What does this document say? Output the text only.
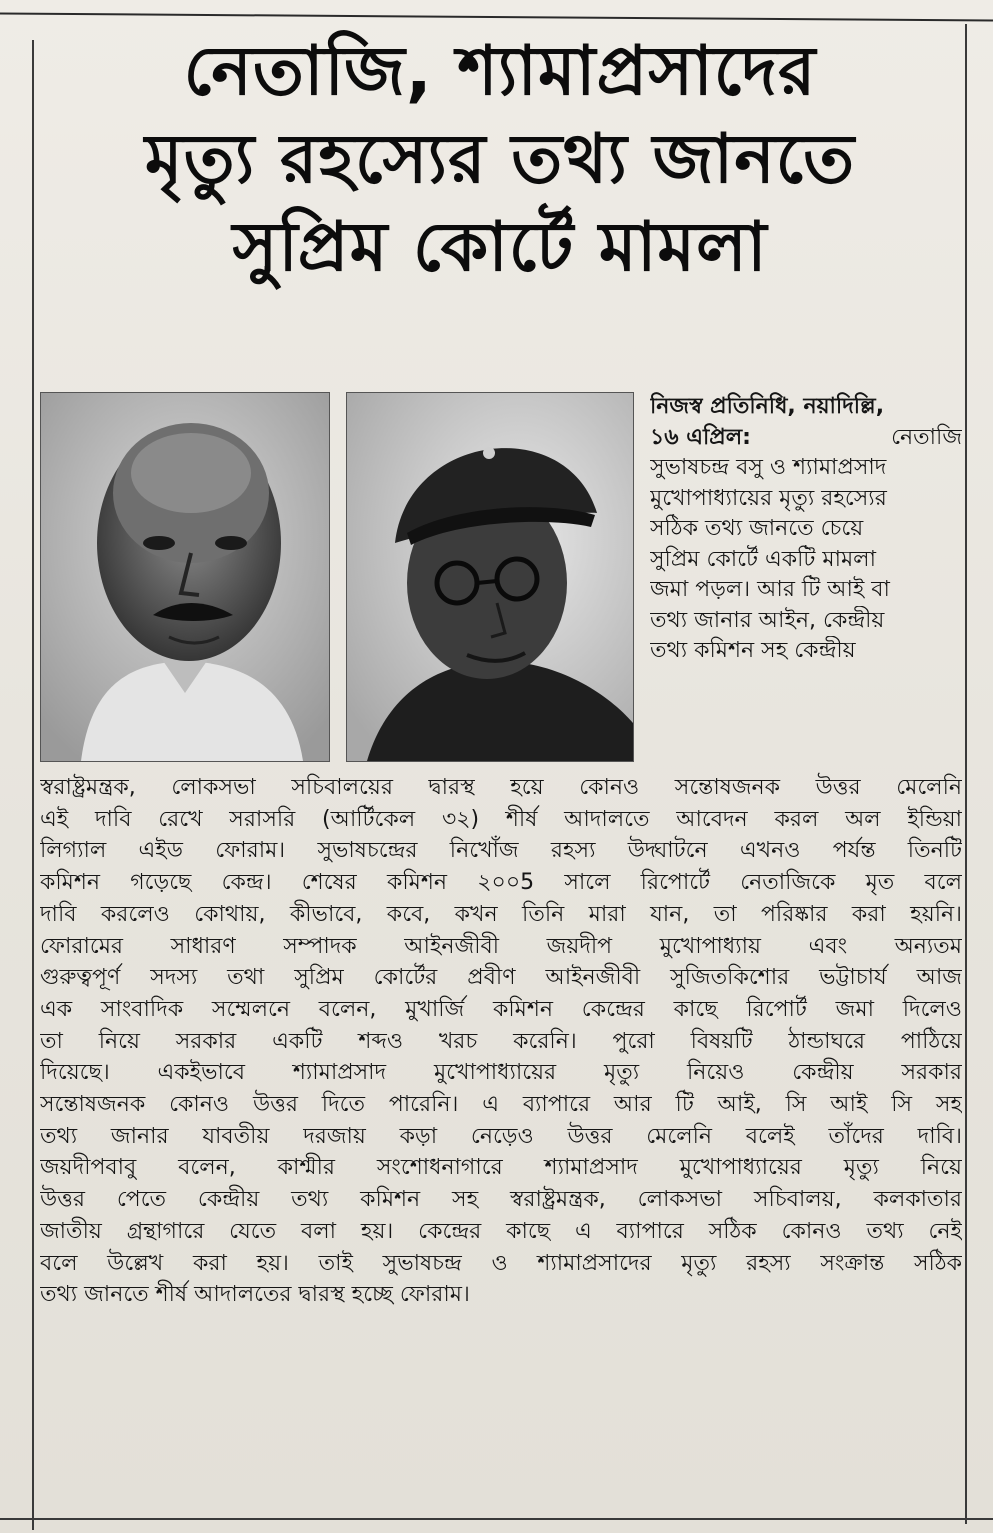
নেতাজি, শ্যামাপ্রসাদের
মৃত্যু রহস্যের তথ্য জানতে
সুপ্রিম কোর্টে মামলা
নিজস্ব প্রতিনিধি, নয়াদিল্লি,
১৬ এপ্রিল:	নেতাজি
সুভাষচন্দ্র বসু ও শ্যামাপ্রসাদ
মুখোপাধ্যায়ের মৃত্যু রহস্যের
সঠিক তথ্য জানতে চেয়ে
সুপ্রিম কোর্টে একটি মামলা
জমা পড়ল। আর টি আই বা
তথ্য জানার আইন, কেন্দ্রীয়
তথ্য কমিশন সহ কেন্দ্রীয়
স্বরাষ্ট্রমন্ত্রক, লোকসভা সচিবালয়ের দ্বারস্থ হয়ে কোনও সন্তোষজনক উত্তর মেলেনি
এই দাবি রেখে সরাসরি (আর্টিকেল ৩২) শীর্ষ আদালতে আবেদন করল অল ইন্ডিয়া
লিগ্যাল এইড ফোরাম। সুভাষচন্দ্রের নিখোঁজ রহস্য উদ্ঘাটনে এখনও পর্যন্ত তিনটি
কমিশন গড়েছে কেন্দ্র। শেষের কমিশন ২০০5 সালে রিপোর্টে নেতাজিকে মৃত বলে
দাবি করলেও কোথায়, কীভাবে, কবে, কখন তিনি মারা যান, তা পরিষ্কার করা হয়নি।
ফোরামের সাধারণ সম্পাদক আইনজীবী জয়দীপ মুখোপাধ্যায় এবং অন্যতম
গুরুত্বপূর্ণ সদস্য তথা সুপ্রিম কোর্টের প্রবীণ আইনজীবী সুজিতকিশোর ভট্টাচার্য আজ
এক সাংবাদিক সম্মেলনে বলেন, মুখার্জি কমিশন কেন্দ্রের কাছে রিপোর্ট জমা দিলেও
তা নিয়ে সরকার একটি শব্দও খরচ করেনি। পুরো বিষয়টি ঠান্ডাঘরে পাঠিয়ে
দিয়েছে। একইভাবে শ্যামাপ্রসাদ মুখোপাধ্যায়ের মৃত্যু নিয়েও কেন্দ্রীয় সরকার
সন্তোষজনক কোনও উত্তর দিতে পারেনি। এ ব্যাপারে আর টি আই, সি আই সি সহ
তথ্য জানার যাবতীয় দরজায় কড়া নেড়েও উত্তর মেলেনি বলেই তাঁদের দাবি।
জয়দীপবাবু বলেন, কাশ্মীর সংশোধনাগারে শ্যামাপ্রসাদ মুখোপাধ্যায়ের মৃত্যু নিয়ে
উত্তর পেতে কেন্দ্রীয় তথ্য কমিশন সহ স্বরাষ্ট্রমন্ত্রক, লোকসভা সচিবালয়, কলকাতার
জাতীয় গ্রন্থাগারে যেতে বলা হয়। কেন্দ্রের কাছে এ ব্যাপারে সঠিক কোনও তথ্য নেই
বলে উল্লেখ করা হয়। তাই সুভাষচন্দ্র ও শ্যামাপ্রসাদের মৃত্যু রহস্য সংক্রান্ত সঠিক
তথ্য জানতে শীর্ষ আদালতের দ্বারস্থ হচ্ছে ফোরাম।
